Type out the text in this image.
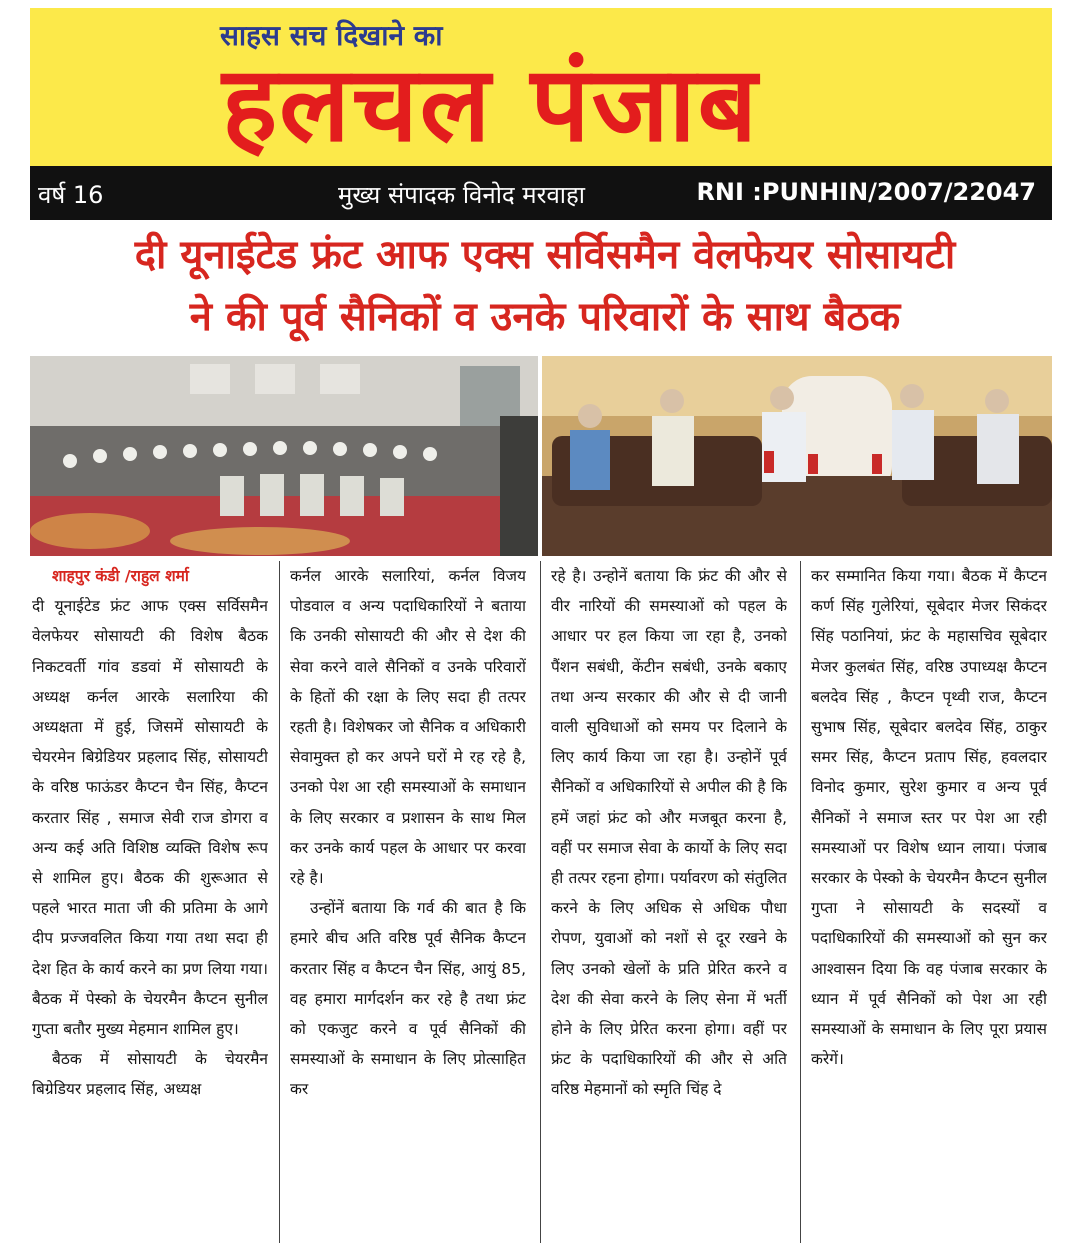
साहस सच दिखाने का
हलचल पंजाब
वर्ष 16	मुख्य संपादक विनोद मरवाहा	RNI :PUNHIN/2007/22047
दी यूनाईटेड फ्रंट आफ एक्स सर्विसमैन वेलफेयर सोसायटी
ने की पूर्व सैनिकों व उनके परिवारों के साथ बैठक
शाहपुर कंडी /राहुल शर्मा

दी यूनाईटेड फ्रंट आफ एक्स सर्विसमैन वेलफेयर सोसायटी की विशेष बैठक निकटवर्ती गांव डडवां में सोसायटी के अध्यक्ष कर्नल आरके सलारिया की अध्यक्षता में हुई, जिसमें सोसायटी के चेयरमेन बिग्रेडियर प्रहलाद सिंह, सोसायटी के वरिष्ठ फाऊंडर कैप्टन चैन सिंह, कैप्टन करतार सिंह , समाज सेवी राज डोगरा व अन्य कई अति विशिष्ठ व्यक्ति विशेष रूप से शामिल हुए। बैठक की शुरूआत से पहले भारत माता जी की प्रतिमा के आगे दीप प्रज्जवलित किया गया तथा सदा ही देश हित के कार्य करने का प्रण लिया गया। बैठक में पेस्को के चेयरमैन कैप्टन सुनील गुप्ता बतौर मुख्य मेहमान शामिल हुए।

बैठक में सोसायटी के चेयरमैन बिग्रेडियर प्रहलाद सिंह, अध्यक्ष

कर्नल आरके सलारियां, कर्नल विजय पोडवाल व अन्य पदाधिकारियों ने बताया कि उनकी सोसायटी की और से देश की सेवा करने वाले सैनिकों व उनके परिवारों के हितों की रक्षा के लिए सदा ही तत्पर रहती है। विशेषकर जो सैनिक व अधिकारी सेवामुक्त हो कर अपने घरों मे रह रहे है, उनको पेश आ रही समस्याओं के समाधान के लिए सरकार व प्रशासन के साथ मिल कर उनके कार्य पहल के आधार पर करवा रहे है।

उन्होंनें बताया कि गर्व की बात है कि हमारे बीच अति वरिष्ठ पूर्व सैनिक कैप्टन करतार सिंह व कैप्टन चैन सिंह, आयुं 85, वह हमारा मार्गदर्शन कर रहे है तथा फ्रंट को एकजुट करने व पूर्व सैनिकों की समस्याओं के समाधान के लिए प्रोत्साहित कर

रहे है। उन्होनें बताया कि फ्रंट की और से वीर नारियों की समस्याओं को पहल के आधार पर हल किया जा रहा है, उनको पैंशन सबंधी, केंटीन सबंधी, उनके बकाए तथा अन्य सरकार की और से दी जानी वाली सुविधाओं को समय पर दिलाने के लिए कार्य किया जा रहा है। उन्होनें पूर्व सैनिकों व अधिकारियों से अपील की है कि हमें जहां फ्रंट को और मजबूत करना है, वहीं पर समाज सेवा के कार्यो के लिए सदा ही तत्पर रहना होगा। पर्यावरण को संतुलित करने के लिए अधिक से अधिक पौधा रोपण, युवाओं को नशों से दूर रखने के लिए उनको खेलों के प्रति प्रेरित करने व देश की सेवा करने के लिए सेना में भर्ती होने के लिए प्रेरित करना होगा। वहीं पर फ्रंट के पदाधिकारियों की और से अति वरिष्ठ मेहमानों को स्मृति चिंह दे

कर सम्मानित किया गया। बैठक में कैप्टन कर्ण सिंह गुलेरियां, सूबेदार मेजर सिकंदर सिंह पठानियां, फ्रंट के महासचिव सूबेदार मेजर कुलबंत सिंह, वरिष्ठ उपाध्यक्ष कैप्टन बलदेव सिंह , कैप्टन पृथ्वी राज, कैप्टन सुभाष सिंह, सूबेदार बलदेव सिंह, ठाकुर समर सिंह, कैप्टन प्रताप सिंह, हवलदार विनोद कुमार, सुरेश कुमार व अन्य पूर्व सैनिकों ने समाज स्तर पर पेश आ रही समस्याओं पर विशेष ध्यान लाया। पंजाब सरकार के पेस्को के चेयरमैन कैप्टन सुनील गुप्ता ने सोसायटी के सदस्यों व पदाधिकारियों की समस्याओं को सुन कर आश्वासन दिया कि वह पंजाब सरकार के ध्यान में पूर्व सैनिकों को पेश आ रही समस्याओं के समाधान के लिए पूरा प्रयास करेगें।
